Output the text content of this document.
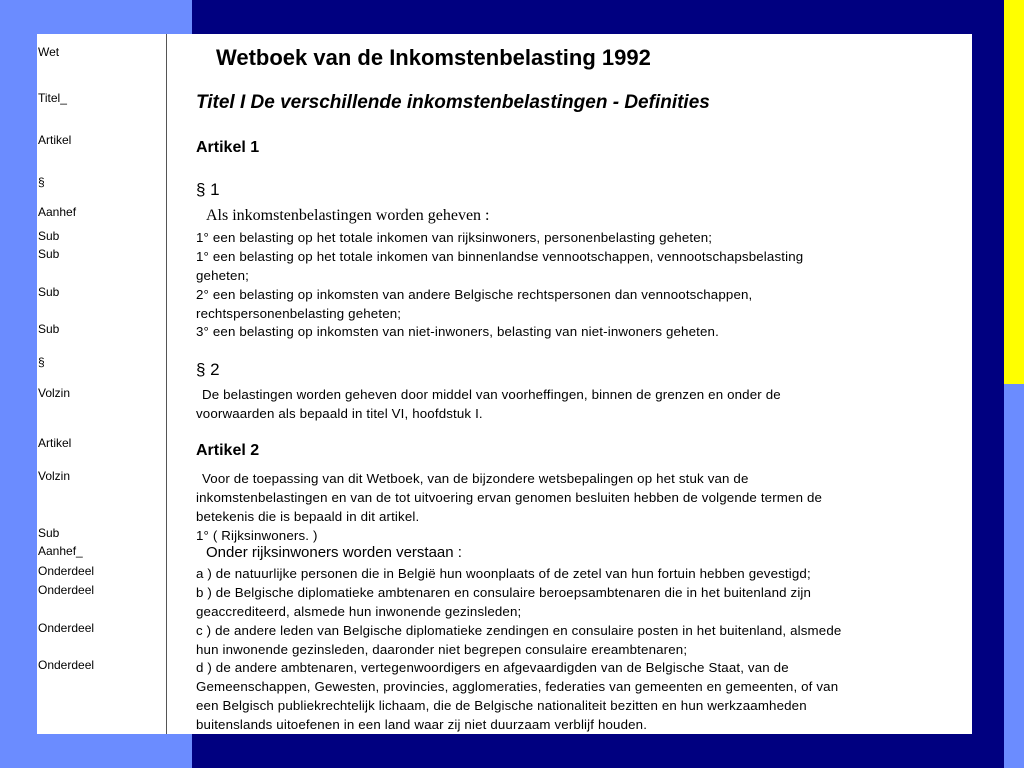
Wet
Titel_
Artikel
§
Aanhef
Sub
Sub
Sub
Sub
§
Volzin
Artikel
Volzin
Sub
Aanhef_
Onderdeel
Onderdeel
Onderdeel
Onderdeel
Wetboek van de Inkomstenbelasting 1992
Titel I De verschillende inkomstenbelastingen - Definities
Artikel 1
§ 1
Als inkomstenbelastingen worden geheven :
1° een belasting op het totale inkomen van rijksinwoners, personenbelasting geheten;
1° een belasting op het totale inkomen van binnenlandse vennootschappen, vennootschapsbelasting
geheten;
2° een belasting op inkomsten van andere Belgische rechtspersonen dan vennootschappen,
rechtspersonenbelasting geheten;
3° een belasting op inkomsten van niet-inwoners, belasting van niet-inwoners geheten.
§ 2
De belastingen worden geheven door middel van voorheffingen, binnen de grenzen en onder de
voorwaarden als bepaald in titel VI, hoofdstuk I.
Artikel 2
Voor de toepassing van dit Wetboek, van de bijzondere wetsbepalingen op het stuk van de
inkomstenbelastingen en van de tot uitvoering ervan genomen besluiten hebben de volgende termen de
betekenis die is bepaald in dit artikel.
1° ( Rijksinwoners. )
Onder rijksinwoners worden verstaan :
a ) de natuurlijke personen die in België hun woonplaats of de zetel van hun fortuin hebben gevestigd;
b ) de Belgische diplomatieke ambtenaren en consulaire beroepsambtenaren die in het buitenland zijn
geaccrediteerd, alsmede hun inwonende gezinsleden;
c ) de andere leden van Belgische diplomatieke zendingen en consulaire posten in het buitenland, alsmede
hun inwonende gezinsleden, daaronder niet begrepen consulaire ereambtenaren;
d ) de andere ambtenaren, vertegenwoordigers en afgevaardigden van de Belgische Staat, van de
Gemeenschappen, Gewesten, provincies, agglomeraties, federaties van gemeenten en gemeenten, of van
een Belgisch publiekrechtelijk lichaam, die de Belgische nationaliteit bezitten en hun werkzaamheden
buitenslands uitoefenen in een land waar zij niet duurzaam verblijf houden.
